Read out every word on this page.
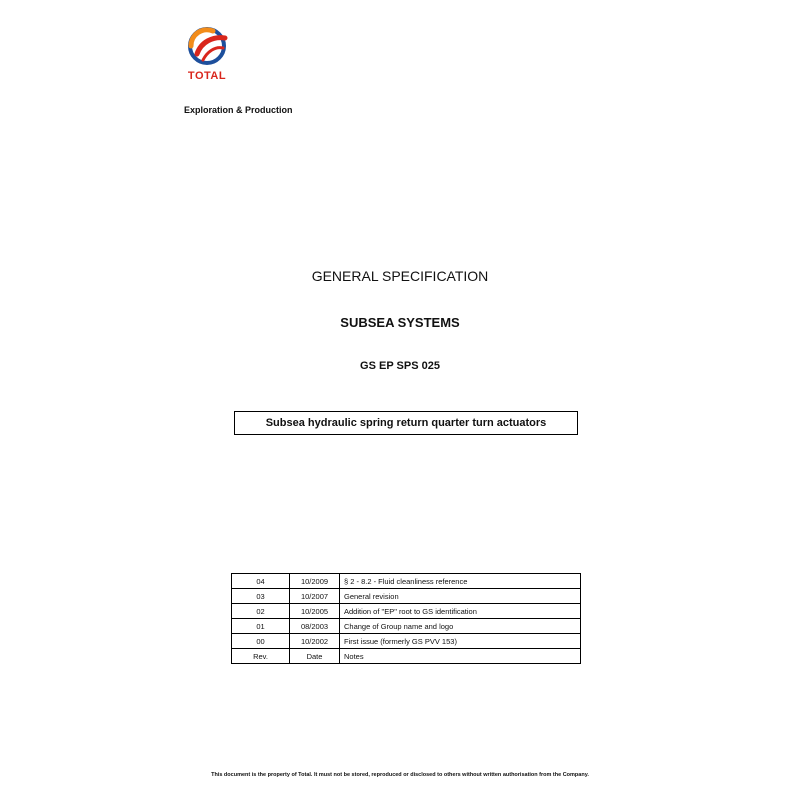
TOTAL
Exploration & Production
GENERAL SPECIFICATION
SUBSEA SYSTEMS
GS EP SPS 025
Subsea hydraulic spring return quarter turn actuators
04	10/2009	§ 2 - 8.2 - Fluid cleanliness reference
03	10/2007	General revision
02	10/2005	Addition of "EP" root to GS identification
01	08/2003	Change of Group name and logo
00	10/2002	First issue (formerly GS PVV 153)
Rev.	Date	Notes
This document is the property of Total. It must not be stored, reproduced or disclosed to others without written authorisation from the Company.
